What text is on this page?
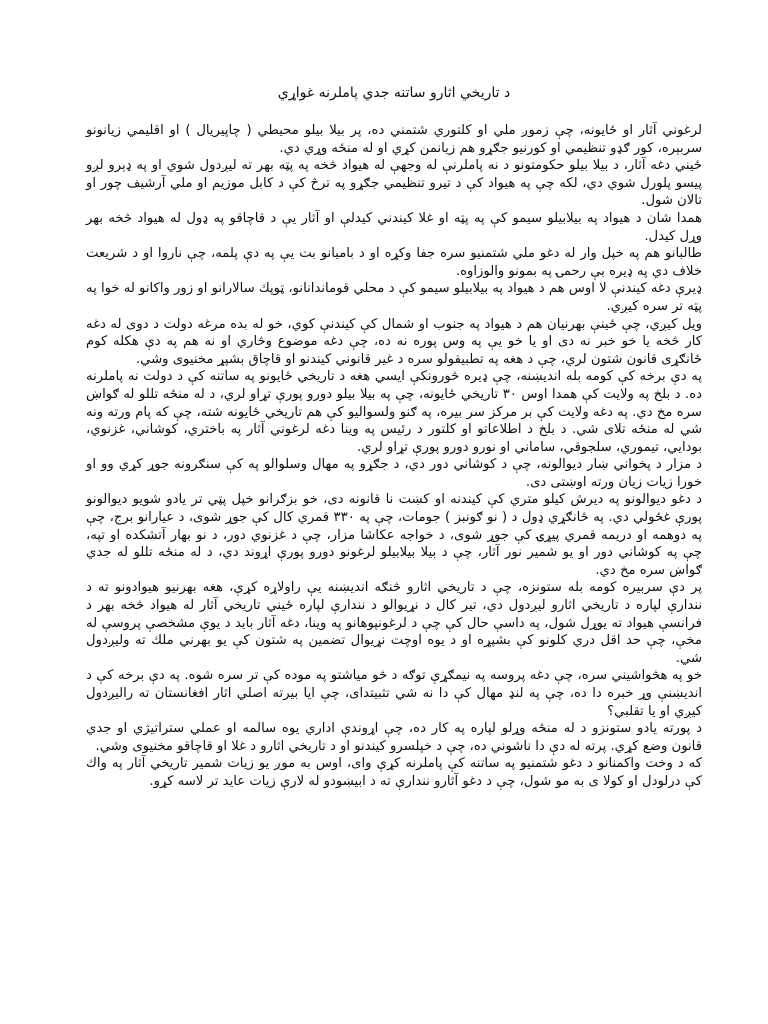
د تاريخي اثارو ساتنه جدي پاملرنه غواړي

لرغوني آثار او ځايونه، چې زموږ ملي او كلتوري شتمني ده، پر بيلا بيلو محيطي ( چاپيريال ) او اقليمي زيانونو سربېره، كور ګډو تنظيمي او كورنيو جګړو هم زيانمن كړي او له منځه وړي دي.

ځيني دغه آثار، د بيلا بيلو حكومتونو د نه پاملرنې له وجهې له هيواد څخه په پټه بهر ته ليږدول شوي او په ډېرو لږو پيسو پلورل شوي دي، لكه چې په هيواد كې د تيرو تنظيمي جګړو په ترڅ كې د كابل موزيم او ملي آرشيف چور او تالان شول.

همدا شان د هيواد په بيلابيلو سيمو كې په پټه او غلا كيندني كيدلې او آثار يې د قاچاقو په ډول له هيواد څخه بهر وړل كيدل.

طالبانو هم په خپل وار له دغو ملي شتمنيو سره جفا وكړه او د باميانو بت يې په دې پلمه، چې ناروا او د شريعت خلاف دي په ډيره بې رحمۍ په بمونو والوزاوه.

ډيرې دغه كيندنې لا اوس هم د هيواد په بيلابيلو سيمو كې د محلي قوماندانانو، ټوپك سالارانو او زور واكانو له خوا په پټه تر سره كيږي.

ويل كيږي، چې ځينې بهرنيان هم د هيواد په جنوب او شمال كې كيندنې كوي، خو له بده مرغه دولت د دوى له دغه كار څخه يا خو خبر نه دى او يا خو يې په وس پوره نه ده، چې دغه موضوع وڅاري او نه هم په دې هكله كوم ځانګړى قانون شتون لري، چې د هغه په تطبيقولو سره د غير قانوني كيندنو او قاچاق بشپړ مخنيوى وشي.

په دې برخه كې كومه بله انديښنه، چې ډيره څورونكې ايسي هغه د تاريخي ځايونو په ساتنه كې د دولت نه پاملرنه ده. د بلخ په ولايت كې همدا اوس ۳۰ تاريخي ځايونه، چې په بيلا بيلو دورو پورې تړاو لري، د له منځه تللو له ګواښ سره مخ دي. په دغه ولايت كې بر مركز سر بيره، په ګنو ولسواليو كې هم تاريخي ځايونه شته، چې كه پام ورته ونه شي له منځه تلاى شي. د بلخ د اطلاعاتو او كلتور د رئيس په وينا دغه لرغوني آثار په باختري، كوشاني، غزنوي، بودايي، تيموري، سلجوقي، ساماني او نورو دورو پورې تړاو لري.

د مزار د پخواني ښار ديوالونه، چې د كوشاني دور دي، د جګړو په مهال وسلوالو په كې سنګرونه جوړ كړي وو او خورا زيات زيان ورته اوښتى دى.

د دغو ديوالونو په ديرش كيلو متري كې كيندنه او كښت نا قانونه دى، خو بزګرانو خپل پټي تر يادو شويو ديوالونو پورې غځولي دي. په ځانګړي ډول د ( نو ګونبز ) جومات، چې په ۳۳۰ قمري كال كې جوړ شوى، د عيارانو برج، چې په دوهمه او دريمه قمري پيړۍ كې جوړ شوى، د خواجه عكاشا مزار، چې د غزنوي دور، د نو بهار آتشكده او تپه، چې په كوشاني دور او يو شمير نور آثار، چې د بيلا بيلابيلو لرغونو دورو پورې اړوند دي، د له منځه تللو له جدي ګواښ سره مخ دي.

پر دې سربيره كومه بله ستونزه، چې د تاريخي اثارو څنګه انديښنه يې راولاړه كړې، هغه بهرنيو هيوادونو ته د نندارې لپاره د تاريخي اثارو ليږدول دي، تير كال د نړيوالو د نندارې لپاره ځيني تاريخي آثار له هيواد څخه بهر د فرانسې هيواد ته يوړل شول، په داسې حال كې چې د لرغونپوهانو په وينا، دغه آثار بايد د يوې مشخصې پروسې له مخې، چې حد اقل دري كلونو كې بشپړه او د يوه اوچت نړيوال تضمين په شتون كې يو بهرني ملك ته وليږدول شي.

خو په هڅواشيني سره، چې دغه پروسه په نيمګړې توګه د څو مياشتو په موده كې تر سره شوه. په دې برخه كې د انديښنې وړ خبره دا ده، چې په لنډ مهال كې دا نه شي تثبيتداى، چې ايا بيرته اصلي اثار افغانستان ته راليږدول كيږي او يا تقلبي؟

د پورته يادو ستونزو د له منځه وړلو لپاره په كار ده، چې اړوندې اداري يوه سالمه او عملي ستراتيژي او جدي قانون وضع كړي. پرته له دې دا ناشوني ده، چې د خپلسرو كيندنو او د تاريخي اثارو د غلا او قاچاقو مخنيوى وشي.

كه د وخت واكمنانو د دغو شتمنيو په ساتنه كې پاملرنه كړې واى، اوس به موږ يو زيات شمير تاريخي آثار په واك كې درلودل او كولا ی به مو شول، چې د دغو آثارو نندارې ته د ابيښودو له لارې زيات عايد تر لاسه كړو.
